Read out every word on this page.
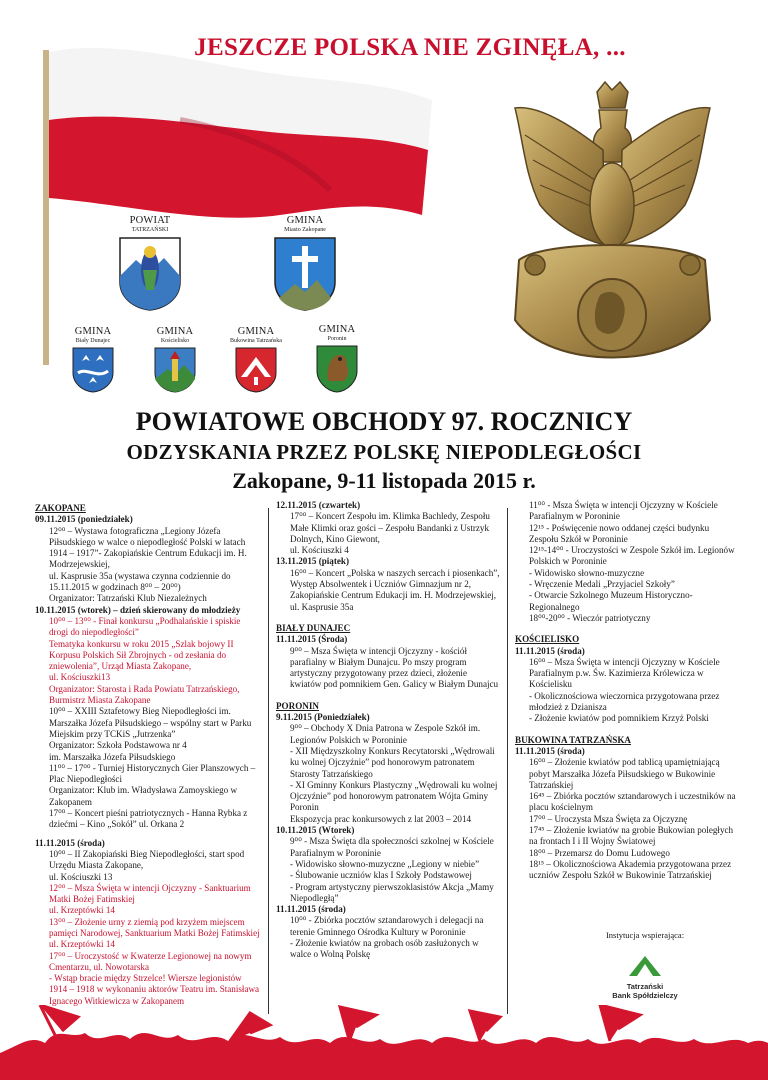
JESZCZE POLSKA NIE ZGINĘŁA, ...
POWIAT
TATRZAŃSKI
GMINA
Miasto Zakopane
GMINA
Biały Dunajec
GMINA
Kościelisko
GMINA
Bukowina Tatrzańska
GMINA
Poronin
POWIATOWE OBCHODY 97. ROCZNICY
ODZYSKANIA PRZEZ POLSKĘ NIEPODLEGŁOŚCI
Zakopane, 9-11 listopada 2015 r.
ZAKOPANE
09.11.2015 (poniedziałek)
12⁰⁰ – Wystawa fotograficzna „Legiony Józefa Piłsudskiego w walce o niepodległość Polski w latach 1914 – 1917”- Zakopiańskie Centrum Edukacji im. H. Modrzejewskiej,
ul. Kasprusie 35a (wystawa czynna codziennie do 15.11.2015 w godzinach 8⁰⁰ – 20⁰⁰)
Organizator: Tatrzański Klub Niezależnych
10.11.2015 (wtorek) – dzień skierowany do młodzieży
10⁰⁰ – 13⁰⁰ - Finał konkursu „Podhalańskie i spiskie drogi do niepodległości”
Tematyka konkursu w roku 2015 „Szlak bojowy II Korpusu Polskich Sił Zbrojnych - od zesłania do zniewolenia”, Urząd Miasta Zakopane,
ul. Kościuszki13
Organizator: Starosta i Rada Powiatu Tatrzańskiego, Burmistrz Miasta Zakopane
10⁰⁰ – XXIII Sztafetowy Bieg Niepodległości im. Marszałka Józefa Piłsudskiego – wspólny start w Parku Miejskim przy TCKiS „Jutrzenka”
Organizator: Szkoła Podstawowa nr 4
im. Marszałka Józefa Piłsudskiego
11⁰⁰ – 17⁰⁰ - Turniej Historycznych Gier Planszowych – Plac Niepodległości
Organizator: Klub im. Władysława Zamoyskiego w Zakopanem
17⁰⁰ – Koncert pieśni patriotycznych - Hanna Rybka z dziećmi – Kino „Sokół” ul. Orkana 2
11.11.2015 (środa)
10⁰⁰ – II Zakopiański Bieg Niepodległości, start spod Urzędu Miasta Zakopane,
ul. Kościuszki 13
12⁰⁰ – Msza Święta w intencji Ojczyzny - Sanktuarium Matki Bożej Fatimskiej
ul. Krzeptówki 14
13⁰⁰ – Złożenie urny z ziemią pod krzyżem miejscem pamięci Narodowej, Sanktuarium Matki Bożej Fatimskiej
ul. Krzeptówki 14
17⁰⁰ – Uroczystość w Kwaterze Legionowej na nowym Cmentarzu, ul. Nowotarska
- Wstąp bracie między Strzelce! Wiersze legionistów 1914 – 1918 w wykonaniu aktorów Teatru im. Stanisława Ignacego Witkiewicza w Zakopanem
12.11.2015 (czwartek)
17⁰⁰ – Koncert Zespołu im. Klimka Bachledy, Zespołu Małe Klimki oraz gości – Zespołu Bandanki z Ustrzyk Dolnych, Kino Giewont,
ul. Kościuszki 4
13.11.2015 (piątek)
16⁰⁰ – Koncert „Polska w naszych sercach i piosenkach”, Występ Absolwentek i Uczniów Gimnazjum nr 2, Zakopiańskie Centrum Edukacji im. H. Modrzejewskiej,
ul. Kasprusie 35a
BIAŁY DUNAJEC
11.11.2015 (Środa)
9⁰⁰ – Msza Święta w intencji Ojczyzny - kościół parafialny w Białym Dunajcu. Po mszy program artystyczny przygotowany przez dzieci, złożenie kwiatów pod pomnikiem Gen. Galicy w Białym Dunajcu
PORONIN
9.11.2015 (Poniedziałek)
9⁰⁰ – Obchody X Dnia Patrona w Zespole Szkół im. Legionów Polskich w Poroninie
- XII Międzyszkolny Konkurs Recytatorski „Wędrowali ku wolnej Ojczyźnie” pod honorowym patronatem Starosty Tatrzańskiego
- XI Gminny Konkurs Plastyczny „Wędrowali ku wolnej Ojczyźnie” pod honorowym patronatem Wójta Gminy Poronin
Ekspozycja prac konkursowych z lat 2003 – 2014
10.11.2015 (Wtorek)
9⁰⁰ - Msza Święta dla społeczności szkolnej w Kościele Parafialnym w Poroninie
- Widowisko słowno-muzyczne „Legiony w niebie”
- Ślubowanie uczniów klas I Szkoły Podstawowej
- Program artystyczny pierwszoklasistów Akcja „Mamy Niepodległą”
11.11.2015 (środa)
10⁰⁰ - Zbiórka pocztów sztandarowych i delegacji na terenie Gminnego Ośrodka Kultury w Poroninie
- Złożenie kwiatów na grobach osób zasłużonych w walce o Wolną Polskę
11⁰⁰ - Msza Święta w intencji Ojczyzny w Kościele Parafialnym w Poroninie
12¹⁵ - Poświęcenie nowo oddanej części budynku Zespołu Szkół w Poroninie
12¹⁵-14⁰⁰ - Uroczystości w Zespole Szkół im. Legionów Polskich w Poroninie
- Widowisko słowno-muzyczne
- Wręczenie Medali „Przyjaciel Szkoły”
- Otwarcie Szkolnego Muzeum Historyczno-Regionalnego
18⁰⁰-20⁰⁰ - Wieczór patriotyczny
KOŚCIELISKO
11.11.2015 (środa)
16⁰⁰ – Msza Święta w intencji Ojczyzny w Kościele Parafialnym p.w. Św. Kazimierza Królewicza w Kościelisku
- Okolicznościowa wieczornica przygotowana przez młodzież z Dzianisza
- Złożenie kwiatów pod pomnikiem Krzyż Polski
BUKOWINA TATRZAŃSKA
11.11.2015 (środa)
16⁰⁰ – Złożenie kwiatów pod tablicą upamiętniającą pobyt Marszałka Józefa Piłsudskiego w Bukowinie Tatrzańskiej
16⁴⁵ – Zbiórka pocztów sztandarowych i uczestników na placu kościelnym
17⁰⁰ – Uroczysta Msza Święta za Ojczyznę
17⁴⁵ – Złożenie kwiatów na grobie Bukowian poległych na frontach I i II Wojny Światowej
18⁰⁰ – Przemarsz do Domu Ludowego
18¹⁵ – Okolicznościowa Akademia przygotowana przez uczniów Zespołu Szkół w Bukowinie Tatrzańskiej
Instytucja wspierająca:
Tatrzański
Bank Spółdzielczy
